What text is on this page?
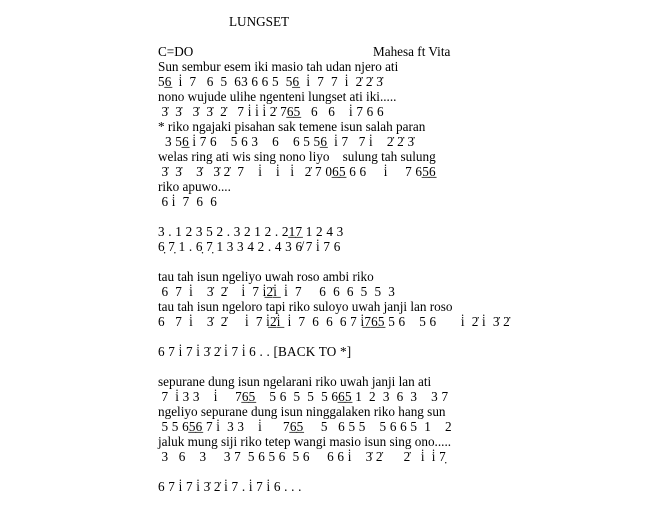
LUNGSET
C=DO	Mahesa ft Vita

Sun sembur esem iki masio tah udan njero ati

5͟6  i̇  7   6  5  63 6 6 5  5͟6  i̇  7  7  i̇  2̇ 2̇ 3̇

nono wujude ulihe ngenteni lungset ati iki.....

3̇  3̇   3̇  3̇  2̇   7 i̇ i̇ i̇ 2̇ 7͟6͟5   6   6    i̇ 7 6 6

* riko ngajaki pisahan sak temene isun salah paran

3 5͟6 i̇ 7 6    5 6 3    6    6 5 5͟6  i̇ 7   7 i̇    2̇ 2̇ 3̇

welas ring ati wis sing nono liyo    sulung tah sulung

3̇  3̇    3̇   3̇ 2̇  7    i̇    i̇   i̇   2̇ 7 0͟6͟5 6 6     i̇     7 6͟5͟6

riko apuwo....

6 i̇  7  6  6

3 . 1 2 3 5 2 . 3 2 1 2 . 2͟1͟7 1 2 4 3

6̣ 7̣ 1 . 6̣ 7̣ 1 3 3 4 2 . 4 3 6̸ 7 i̇ 7 6

tau tah isun ngeliyo uwah roso ambi riko

6  7  i̇    3̇  2̇    i̇  7 i̇͟2̇͟i̇  i̇  7     6  6  6  5  5  3

tau tah isun ngeloro tapi riko suloyo uwah janji lan roso

6   7  i̇    3̇  2̇     i̇  7 i̇͟2̇͟i̇  i̇  7  6  6  6 7 i̇͟7͟6͟5 5 6    5 6       i̇  2̇ i̇  3̇ 2̇

6 7 i̇ 7 i̇ 3̇ 2̇ i̇ 7 i̇ 6 . . [BACK TO *]

sepurane dung isun ngelarani riko uwah janji lan ati

7  i̇ 3 3    i̇     7͟6͟5    5 6  5  5  5 6͟6͟5 1  2  3  6  3    3 7

ngeliyo sepurane dung isun ninggalaken riko hang sun

5 5 6͟5͟6 7 i̇  3 3    i̇      7͟6͟5     5   6 5 5    5 6 6 5  1    2

jaluk mung siji riko tetep wangi masio isun sing ono.....

3   6    3     3 7  5 6 5 6  5 6     6 6 i̇    3̇ 2̇      2̇   i̇  i̇ 7̣

6 7 i̇ 7 i̇ 3̇ 2̇ i̇ 7 . i̇ 7 i̇ 6 . . .
